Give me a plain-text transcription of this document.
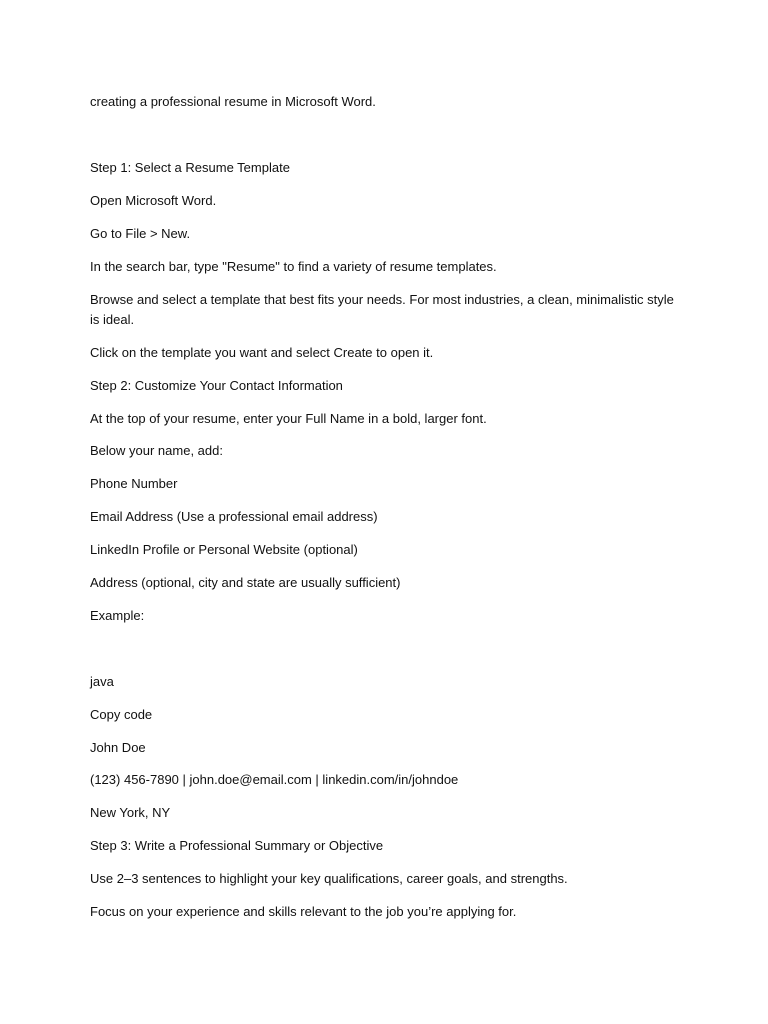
creating a professional resume in Microsoft Word.

Step 1: Select a Resume Template

Open Microsoft Word.

Go to File > New.

In the search bar, type "Resume" to find a variety of resume templates.

Browse and select a template that best fits your needs. For most industries, a clean, minimalistic style is ideal.

Click on the template you want and select Create to open it.

Step 2: Customize Your Contact Information

At the top of your resume, enter your Full Name in a bold, larger font.

Below your name, add:

Phone Number

Email Address (Use a professional email address)

LinkedIn Profile or Personal Website (optional)

Address (optional, city and state are usually sufficient)

Example:

java

Copy code

John Doe

(123) 456-7890 | john.doe@email.com | linkedin.com/in/johndoe

New York, NY

Step 3: Write a Professional Summary or Objective

Use 2–3 sentences to highlight your key qualifications, career goals, and strengths.

Focus on your experience and skills relevant to the job you’re applying for.
